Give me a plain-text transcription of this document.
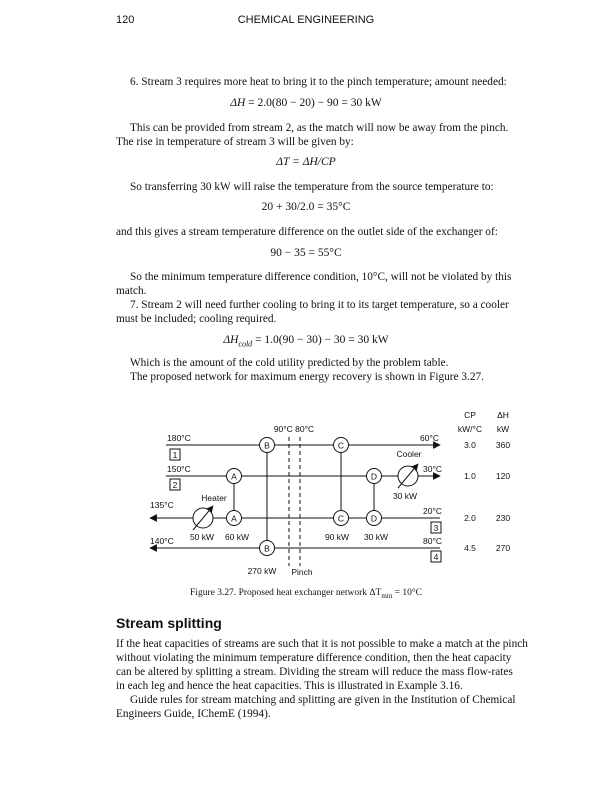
120	CHEMICAL ENGINEERING
6. Stream 3 requires more heat to bring it to the pinch temperature; amount needed:
ΔH = 2.0(80 − 20) − 90 = 30 kW
This can be provided from stream 2, as the match will now be away from the pinch.
The rise in temperature of stream 3 will be given by:
ΔT = ΔH/CP
So transferring 30 kW will raise the temperature from the source temperature to:
20 + 30/2.0 = 35°C
and this gives a stream temperature difference on the outlet side of the exchanger of:
90 − 35 = 55°C
So the minimum temperature difference condition, 10°C, will not be violated by this
match.
7. Stream 2 will need further cooling to bring it to its target temperature, so a cooler
must be included; cooling required.
$\Delta H_{cold} = 1.0(90 - 30) - 30 = 30$ kW
Which is the amount of the cold utility predicted by the problem table.
The proposed network for maximum energy recovery is shown in Figure 3.27.
B	C
A	D
A	C	D
B
1
2
3
4
CP ΔH
kW/°C kW
90°C 80°C
180°C	60°C
150°C	30°C
20°C
135°C
80°C
140°C
3.0 360
1.0 120
2.0 230
4.5 270
Cooler
30 kW
Heater
50 kW 60 kW	90 kW 30 kW
270 kW Pinch
Figure 3.27. Proposed heat exchanger network $\Delta T_{min} = 10^\circ C$
Stream splitting
If the heat capacities of streams are such that it is not possible to make a match at the pinch
without violating the minimum temperature difference condition, then the heat capacity
can be altered by splitting a stream. Dividing the stream will reduce the mass flow-rates
in each leg and hence the heat capacities. This is illustrated in Example 3.16.
Guide rules for stream matching and splitting are given in the Institution of Chemical
Engineers Guide, IChemE (1994).
